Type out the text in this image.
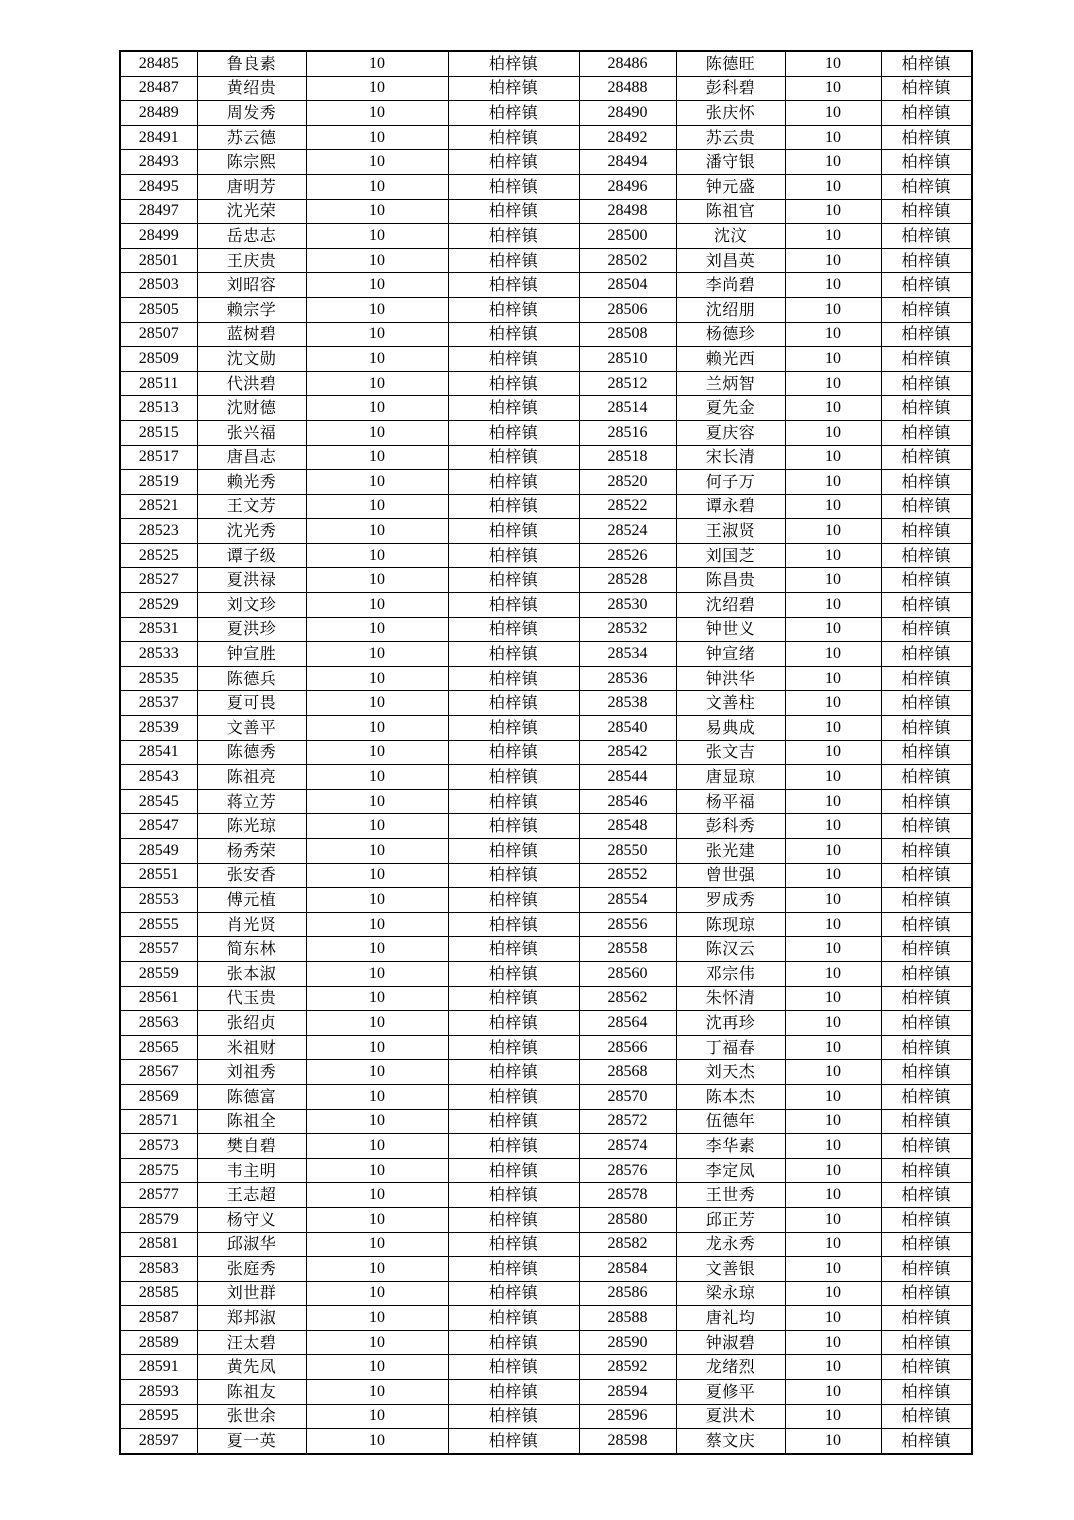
28485	鲁良素	10	柏梓镇	28486	陈德旺	10	柏梓镇
28487	黄绍贵	10	柏梓镇	28488	彭科碧	10	柏梓镇
28489	周发秀	10	柏梓镇	28490	张庆怀	10	柏梓镇
28491	苏云德	10	柏梓镇	28492	苏云贵	10	柏梓镇
28493	陈宗熙	10	柏梓镇	28494	潘守银	10	柏梓镇
28495	唐明芳	10	柏梓镇	28496	钟元盛	10	柏梓镇
28497	沈光荣	10	柏梓镇	28498	陈祖官	10	柏梓镇
28499	岳忠志	10	柏梓镇	28500	沈汶	10	柏梓镇
28501	王庆贵	10	柏梓镇	28502	刘昌英	10	柏梓镇
28503	刘昭容	10	柏梓镇	28504	李尚碧	10	柏梓镇
28505	赖宗学	10	柏梓镇	28506	沈绍朋	10	柏梓镇
28507	蓝树碧	10	柏梓镇	28508	杨德珍	10	柏梓镇
28509	沈文勋	10	柏梓镇	28510	赖光西	10	柏梓镇
28511	代洪碧	10	柏梓镇	28512	兰炳智	10	柏梓镇
28513	沈财德	10	柏梓镇	28514	夏先金	10	柏梓镇
28515	张兴福	10	柏梓镇	28516	夏庆容	10	柏梓镇
28517	唐昌志	10	柏梓镇	28518	宋长清	10	柏梓镇
28519	赖光秀	10	柏梓镇	28520	何子万	10	柏梓镇
28521	王文芳	10	柏梓镇	28522	谭永碧	10	柏梓镇
28523	沈光秀	10	柏梓镇	28524	王淑贤	10	柏梓镇
28525	谭子级	10	柏梓镇	28526	刘国芝	10	柏梓镇
28527	夏洪禄	10	柏梓镇	28528	陈昌贵	10	柏梓镇
28529	刘文珍	10	柏梓镇	28530	沈绍碧	10	柏梓镇
28531	夏洪珍	10	柏梓镇	28532	钟世义	10	柏梓镇
28533	钟宣胜	10	柏梓镇	28534	钟宣绪	10	柏梓镇
28535	陈德兵	10	柏梓镇	28536	钟洪华	10	柏梓镇
28537	夏可畏	10	柏梓镇	28538	文善柱	10	柏梓镇
28539	文善平	10	柏梓镇	28540	易典成	10	柏梓镇
28541	陈德秀	10	柏梓镇	28542	张文吉	10	柏梓镇
28543	陈祖亮	10	柏梓镇	28544	唐显琼	10	柏梓镇
28545	蒋立芳	10	柏梓镇	28546	杨平福	10	柏梓镇
28547	陈光琼	10	柏梓镇	28548	彭科秀	10	柏梓镇
28549	杨秀荣	10	柏梓镇	28550	张光建	10	柏梓镇
28551	张安香	10	柏梓镇	28552	曾世强	10	柏梓镇
28553	傅元植	10	柏梓镇	28554	罗成秀	10	柏梓镇
28555	肖光贤	10	柏梓镇	28556	陈现琼	10	柏梓镇
28557	简东林	10	柏梓镇	28558	陈汉云	10	柏梓镇
28559	张本淑	10	柏梓镇	28560	邓宗伟	10	柏梓镇
28561	代玉贵	10	柏梓镇	28562	朱怀清	10	柏梓镇
28563	张绍贞	10	柏梓镇	28564	沈再珍	10	柏梓镇
28565	米祖财	10	柏梓镇	28566	丁福春	10	柏梓镇
28567	刘祖秀	10	柏梓镇	28568	刘天杰	10	柏梓镇
28569	陈德富	10	柏梓镇	28570	陈本杰	10	柏梓镇
28571	陈祖全	10	柏梓镇	28572	伍德年	10	柏梓镇
28573	樊自碧	10	柏梓镇	28574	李华素	10	柏梓镇
28575	韦主明	10	柏梓镇	28576	李定凤	10	柏梓镇
28577	王志超	10	柏梓镇	28578	王世秀	10	柏梓镇
28579	杨守义	10	柏梓镇	28580	邱正芳	10	柏梓镇
28581	邱淑华	10	柏梓镇	28582	龙永秀	10	柏梓镇
28583	张庭秀	10	柏梓镇	28584	文善银	10	柏梓镇
28585	刘世群	10	柏梓镇	28586	梁永琼	10	柏梓镇
28587	郑邦淑	10	柏梓镇	28588	唐礼均	10	柏梓镇
28589	汪太碧	10	柏梓镇	28590	钟淑碧	10	柏梓镇
28591	黄先凤	10	柏梓镇	28592	龙绪烈	10	柏梓镇
28593	陈祖友	10	柏梓镇	28594	夏修平	10	柏梓镇
28595	张世余	10	柏梓镇	28596	夏洪术	10	柏梓镇
28597	夏一英	10	柏梓镇	28598	蔡文庆	10	柏梓镇
